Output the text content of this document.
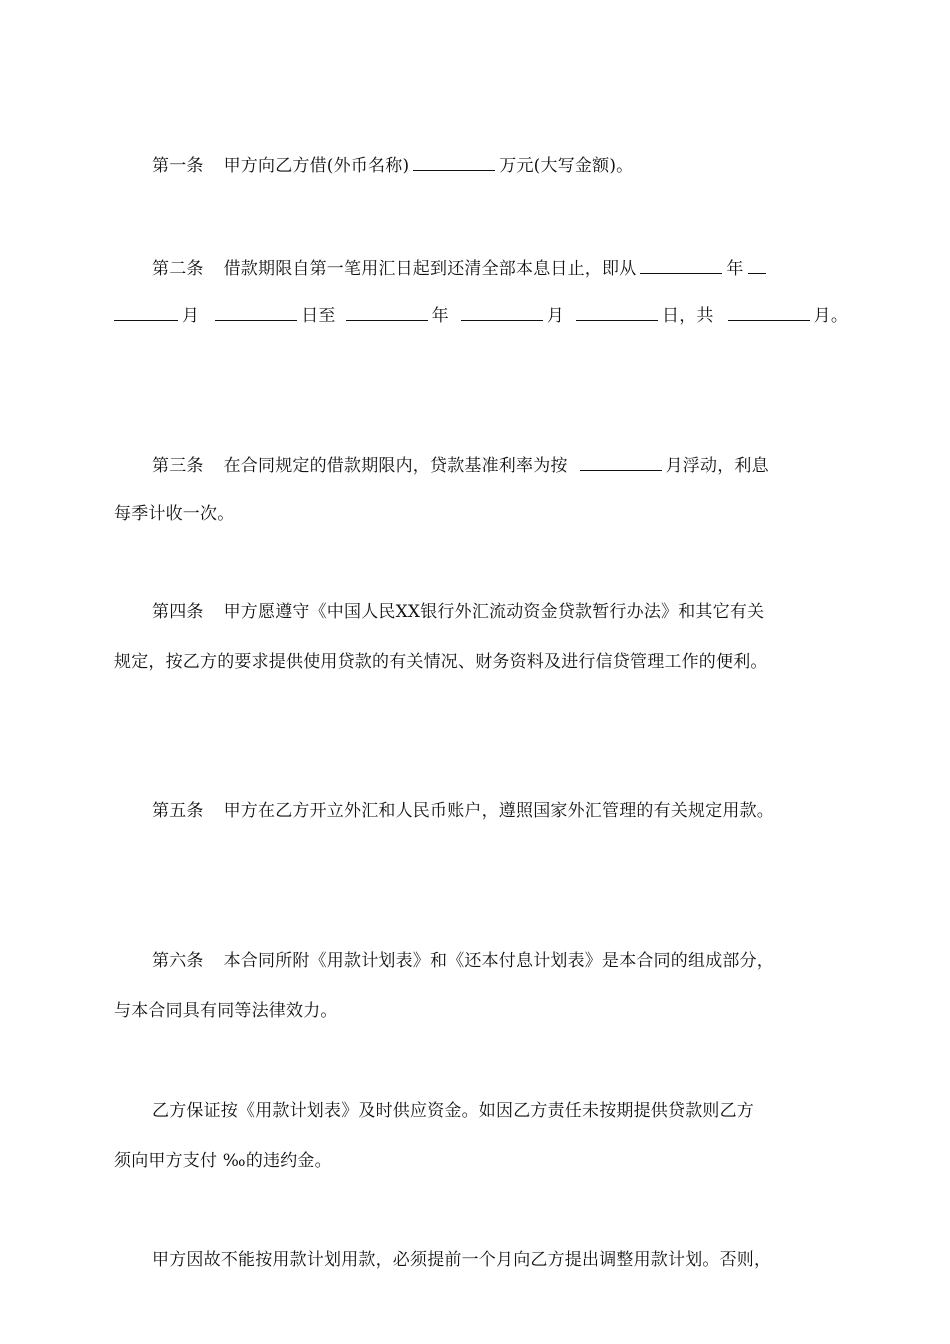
第一条 甲方向乙方借(外币名称)	万元(大写金额)。
第二条 借款期限自第一笔用汇日起到还清全部本息日止，即从	年
月	日至	年	月	日，共	月。
第三条 在合同规定的借款期限内，贷款基准利率为按	月浮动，利息
每季计收一次。
第四条 甲方愿遵守《中国人民XX银行外汇流动资金贷款暂行办法》和其它有关
规定，按乙方的要求提供使用贷款的有关情况、财务资料及进行信贷管理工作的便利。
第五条 甲方在乙方开立外汇和人民币账户，遵照国家外汇管理的有关规定用款。
第六条 本合同所附《用款计划表》和《还本付息计划表》是本合同的组成部分，
与本合同具有同等法律效力。
乙方保证按《用款计划表》及时供应资金。如因乙方责任未按期提供贷款则乙方
须向甲方支付 ‰的违约金。
甲方因故不能按用款计划用款，必须提前一个月向乙方提出调整用款计划。否则，
